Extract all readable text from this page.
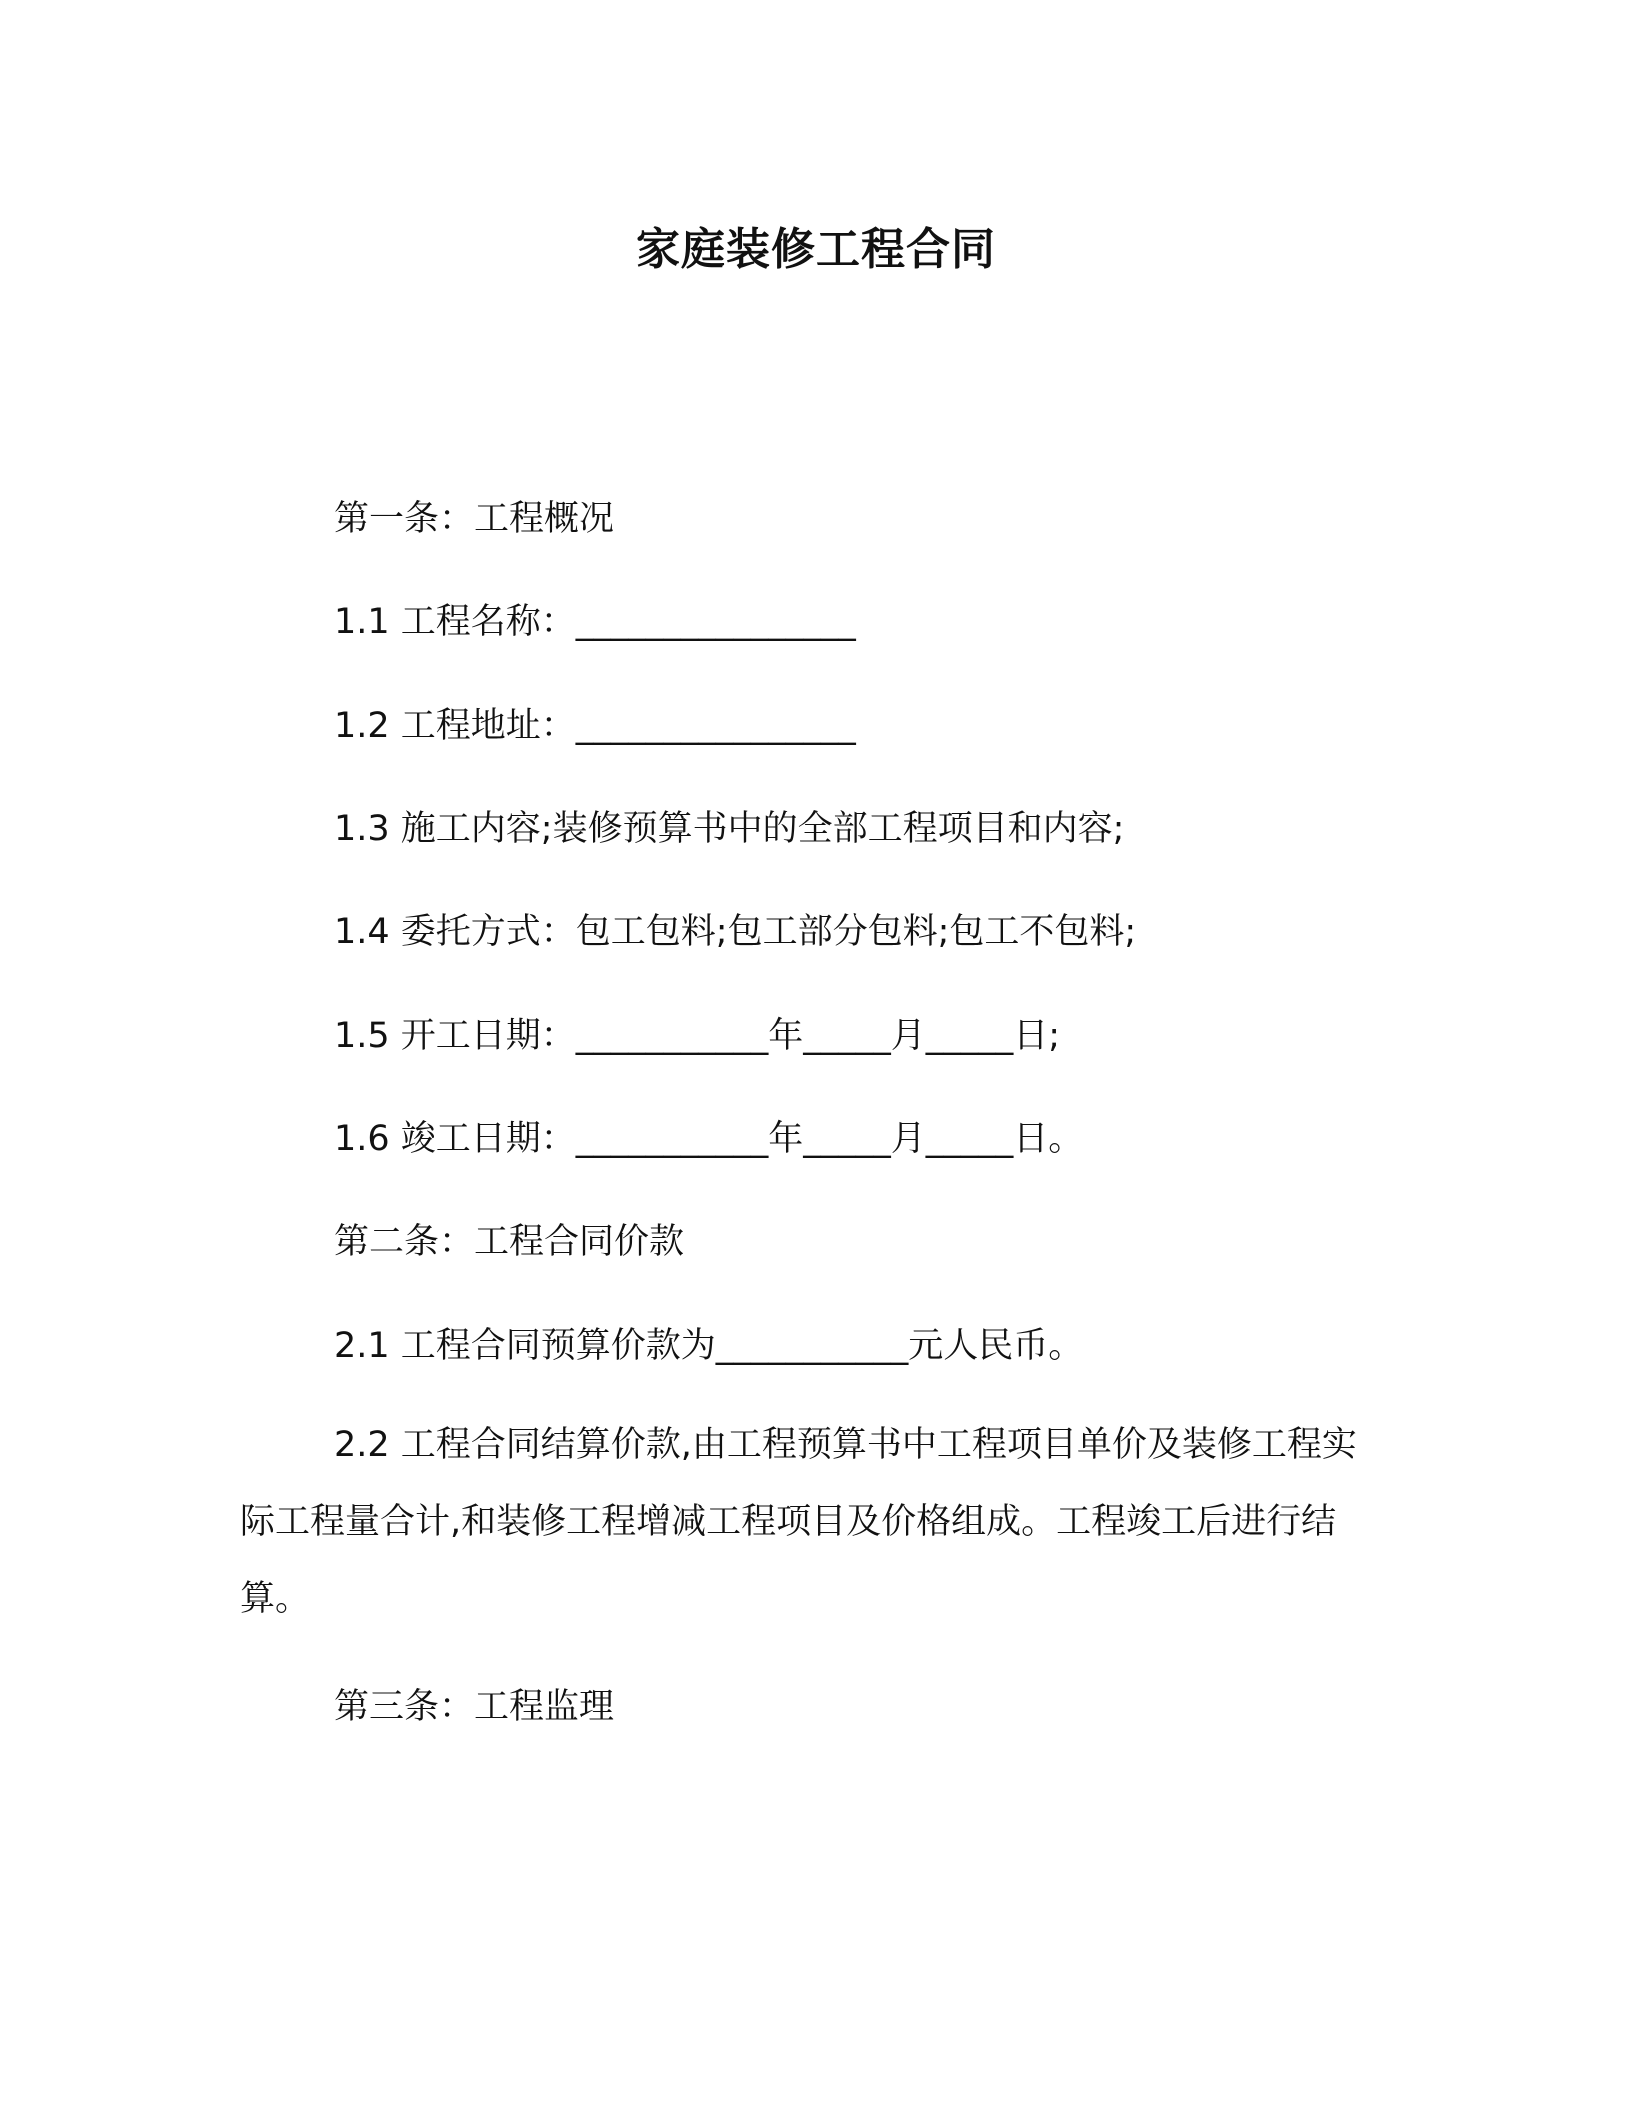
家庭装修工程合同
第一条：工程概况
1.1 工程名称：________________
1.2 工程地址：________________
1.3 施工内容;装修预算书中的全部工程项目和内容;
1.4 委托方式：包工包料;包工部分包料;包工不包料;
1.5 开工日期：___________年_____月_____日;
1.6 竣工日期：___________年_____月_____日。
第二条：工程合同价款
2.1 工程合同预算价款为___________元人民币。
2.2 工程合同结算价款,由工程预算书中工程项目单价及装修工程实际工程量合计,和装修工程增减工程项目及价格组成。工程竣工后进行结算。
第三条：工程监理
